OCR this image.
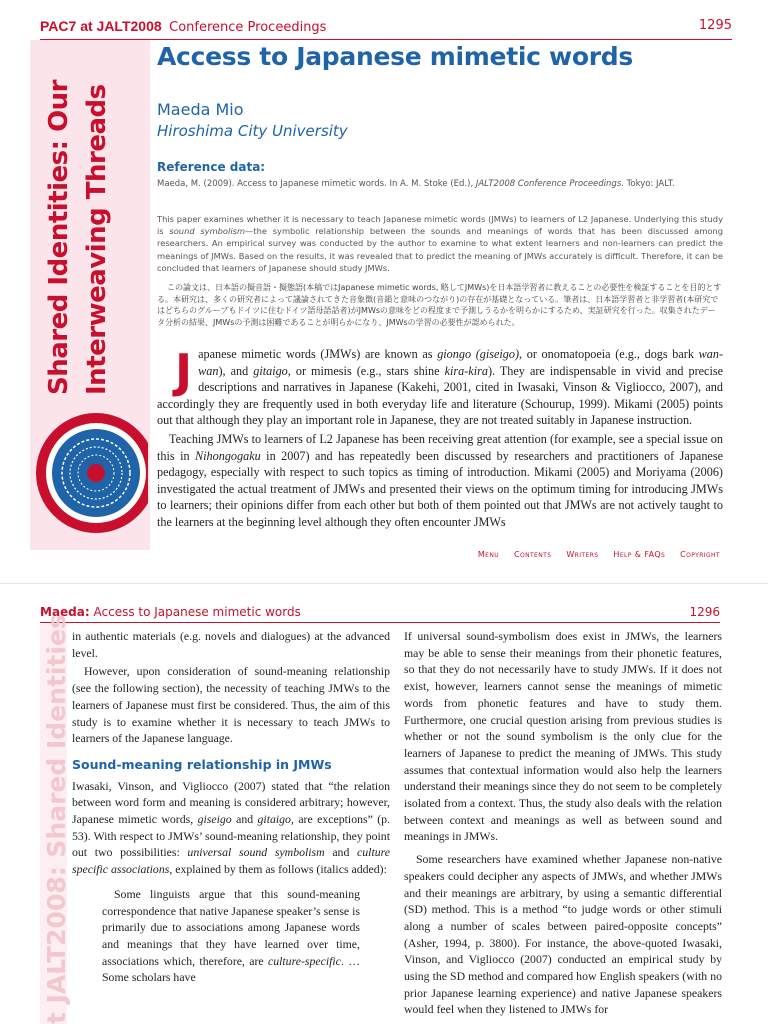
PAC7 at JALT2008 Conference Proceedings	1295
Shared Identities: Our Interweaving Threads
Access to Japanese mimetic words
Maeda Mio
Hiroshima City University
Reference data:
Maeda, M. (2009). Access to Japanese mimetic words. In A. M. Stoke (Ed.), JALT2008 Conference Proceedings. Tokyo: JALT.

This paper examines whether it is necessary to teach Japanese mimetic words (JMWs) to learners of L2 Japanese. Underlying this study is sound symbolism—the symbolic relationship between the sounds and meanings of words that has been discussed among researchers. An empirical survey was conducted by the author to examine to what extent learners and non-learners can predict the meanings of JMWs. Based on the results, it was revealed that to predict the meaning of JMWs accurately is difficult. Therefore, it can be concluded that learners of Japanese should study JMWs.

この論文は、日本語の擬音語・擬態語(本稿ではJapanese mimetic words, 略してJMWs)を日本語学習者に教えることの必要性を検証することを目的とする。本研究は、多くの研究者によって議論されてきた音象徴(音韻と意味のつながり)の存在が基礎となっている。筆者は、日本語学習者と非学習者(本研究ではどちらのグループもドイツに住むドイツ語母語話者)がJMWsの意味をどの程度まで予測しうるかを明らかにするため、実証研究を行った。収集されたデータ分析の結果、JMWsの予測は困難であることが明らかになり、JMWsの学習の必要性が認められた。

Japanese mimetic words (JMWs) are known as giongo (giseigo), or onomatopoeia (e.g., dogs bark wan-wan), and gitaigo, or mimesis (e.g., stars shine kira-kira). They are indispensable in vivid and precise descriptions and narratives in Japanese (Kakehi, 2001, cited in Iwasaki, Vinson & Vigliocco, 2007), and accordingly they are frequently used in both everyday life and literature (Schourup, 1999). Mikami (2005) points out that although they play an important role in Japanese, they are not treated suitably in Japanese instruction.

Teaching JMWs to learners of L2 Japanese has been receiving great attention (for example, see a special issue on this in Nihongogaku in 2007) and has repeatedly been discussed by researchers and practitioners of Japanese pedagogy, especially with respect to such topics as timing of introduction. Mikami (2005) and Moriyama (2006) investigated the actual treatment of JMWs and presented their views on the optimum timing for introducing JMWs to learners; their opinions differ from each other but both of them pointed out that JMWs are not actively taught to the learners at the beginning level although they often encounter JMWs

Menu Contents Writers Help & FAQs Copyright
Maeda: Access to Japanese mimetic words	1296
t JALT2008: Shared Identities in authentic materials (e.g. novels and dialogues) at the advanced level.

However, upon consideration of sound-meaning relationship (see the following section), the necessity of teaching JMWs to the learners of Japanese must first be considered. Thus, the aim of this study is to examine whether it is necessary to teach JMWs to learners of the Japanese language.

Sound-meaning relationship in JMWs

Iwasaki, Vinson, and Vigliocco (2007) stated that “the relation between word form and meaning is considered arbitrary; however, Japanese mimetic words, giseigo and gitaigo, are exceptions” (p. 53). With respect to JMWs’ sound-meaning relationship, they point out two possibilities: universal sound symbolism and culture specific associations, explained by them as follows (italics added):

Some linguists argue that this sound-meaning correspondence that native Japanese speaker’s sense is primarily due to associations among Japanese words and meanings that they have learned over time, associations which, therefore, are culture-specific. … Some scholars have

If universal sound-symbolism does exist in JMWs, the learners may be able to sense their meanings from their phonetic features, so that they do not necessarily have to study JMWs. If it does not exist, however, learners cannot sense the meanings of mimetic words from phonetic features and have to study them. Furthermore, one crucial question arising from previous studies is whether or not the sound symbolism is the only clue for the learners of Japanese to predict the meaning of JMWs. This study assumes that contextual information would also help the learners understand their meanings since they do not seem to be completely isolated from a context. Thus, the study also deals with the relation between context and meanings as well as between sound and meanings in JMWs.

Some researchers have examined whether Japanese non-native speakers could decipher any aspects of JMWs, and whether JMWs and their meanings are arbitrary, by using a semantic differential (SD) method. This is a method “to judge words or other stimuli along a number of scales between paired-opposite concepts” (Asher, 1994, p. 3800). For instance, the above-quoted Iwasaki, Vinson, and Vigliocco (2007) conducted an empirical study by using the SD method and compared how English speakers (with no prior Japanese learning experience) and native Japanese speakers would feel when they listened to JMWs for
